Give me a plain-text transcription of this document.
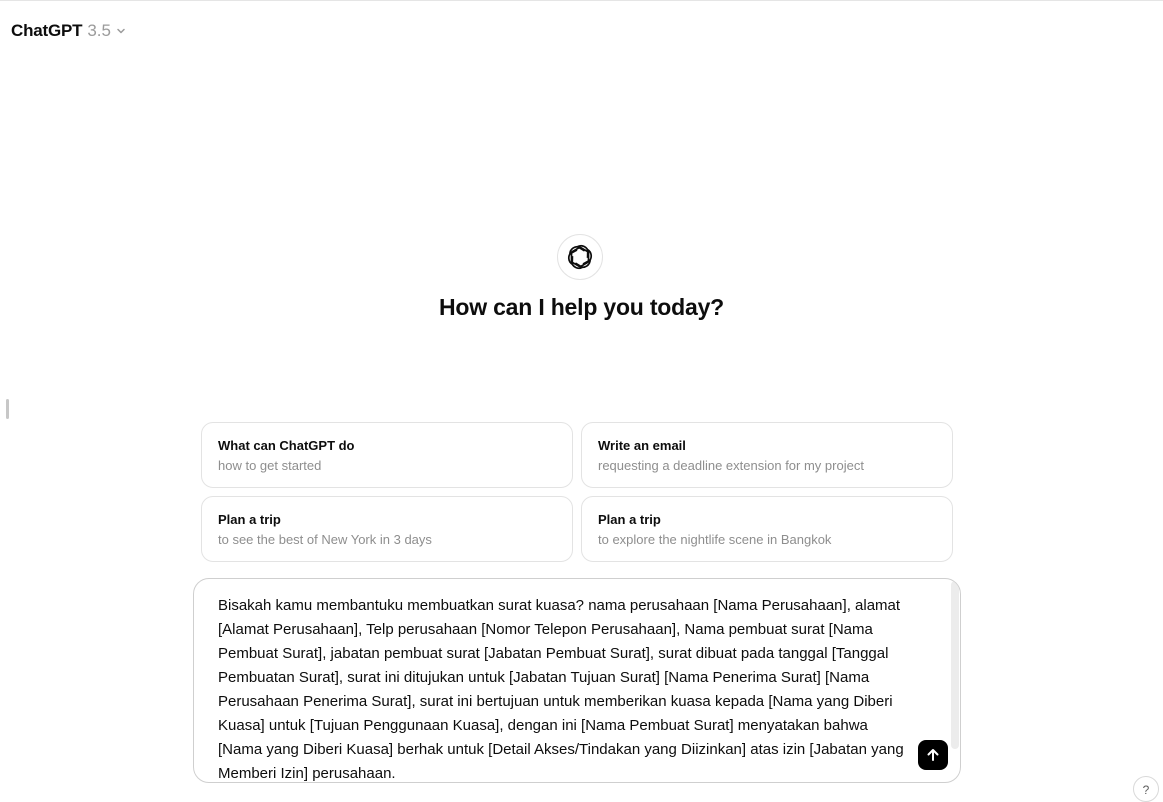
ChatGPT 3.5
How can I help you today?
What can ChatGPT do
how to get started
Write an email
requesting a deadline extension for my project
Plan a trip
to see the best of New York in 3 days
Plan a trip
to explore the nightlife scene in Bangkok
Bisakah kamu membantuku membuatkan surat kuasa? nama perusahaan [Nama Perusahaan], alamat [Alamat Perusahaan], Telp perusahaan [Nomor Telepon Perusahaan], Nama pembuat surat [Nama Pembuat Surat], jabatan pembuat surat [Jabatan Pembuat Surat], surat dibuat pada tanggal [Tanggal Pembuatan Surat], surat ini ditujukan untuk [Jabatan Tujuan Surat] [Nama Penerima Surat] [Nama Perusahaan Penerima Surat], surat ini bertujuan untuk memberikan kuasa kepada [Nama yang Diberi Kuasa] untuk [Tujuan Penggunaan Kuasa], dengan ini [Nama Pembuat Surat] menyatakan bahwa [Nama yang Diberi Kuasa] berhak untuk [Detail Akses/Tindakan yang Diizinkan] atas izin [Jabatan yang Memberi Izin] perusahaan.
?
